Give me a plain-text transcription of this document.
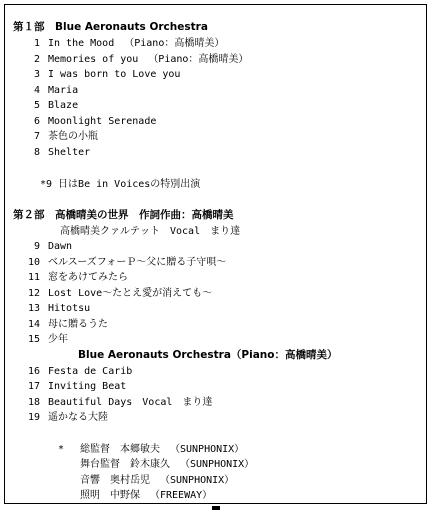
第１部　Blue Aeronauts Orchestra
1 In the Mood （Piano：高橋晴美）
2 Memories of you （Piano：高橋晴美）
3 I was born to Love you
4 Maria
5 Blaze
6 Moonlight Serenade
7 茶色の小瓶
8 Shelter
*9 日はBe in Voicesの特別出演
第２部　高橋晴美の世界　作詞作曲：高橋晴美
高橋晴美クァルテット　Vocal　まり達
9 Dawn
10 ベルスーズフォーＰ～父に贈る子守唄～
11 窓をあけてみたら
12 Lost Love～たとえ愛が消えても～
13 Hitotsu
14 母に贈るうた
15 少年
Blue Aeronauts Orchestra（Piano：高橋晴美）
16 Festa de Carib
17 Inviting Beat
18 Beautiful Days　Vocal　まり達
19 遥かなる大陸
* 総監督 本郷敏夫 （SUNPHONIX）
舞台監督 鈴木康久 （SUNPHONIX）
音響 奥村岳児 （SUNPHONIX）
照明 中野保 （FREEWAY）
